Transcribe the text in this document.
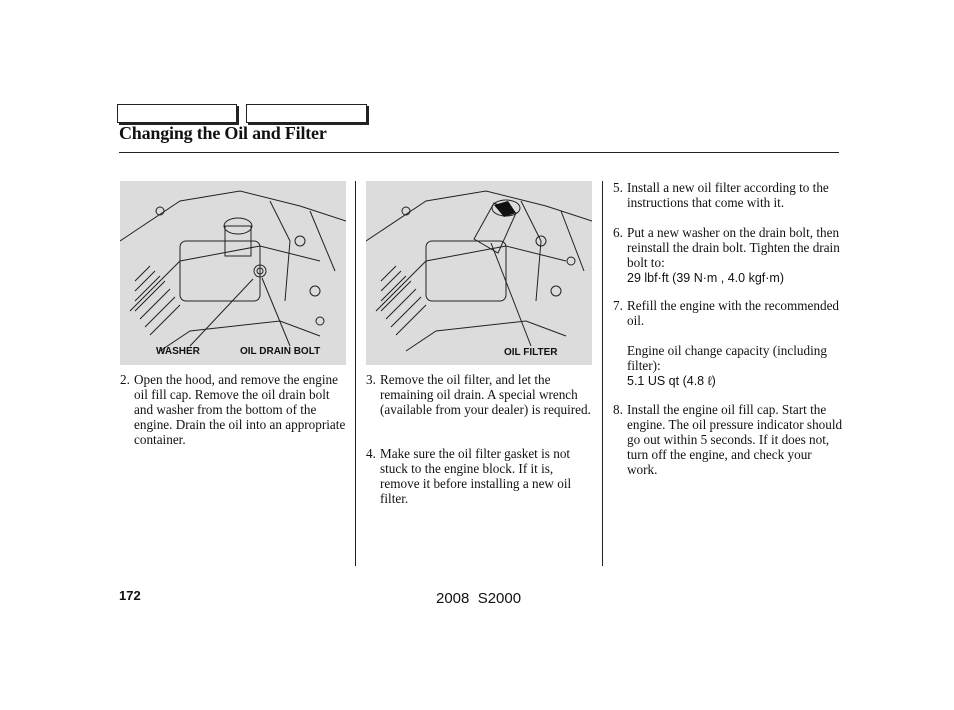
Changing the Oil and Filter
WASHER	OIL DRAIN BOLT	OIL FILTER
2. Open the hood, and remove the engine oil fill cap. Remove the oil drain bolt and washer from the bottom of the engine. Drain the oil into an appropriate container.
3. Remove the oil filter, and let the remaining oil drain. A special wrench (available from your dealer) is required.
4. Make sure the oil filter gasket is not stuck to the engine block. If it is, remove it before installing a new oil filter.
5. Install a new oil filter according to the instructions that come with it.
6. Put a new washer on the drain bolt, then reinstall the drain bolt. Tighten the drain bolt to:
29 lbf·ft (39 N·m , 4.0 kgf·m)
7. Refill the engine with the recommended oil.
Engine oil change capacity (including filter):
5.1 US qt (4.8 ℓ)
8. Install the engine oil fill cap. Start the engine. The oil pressure indicator should go out within 5 seconds. If it does not, turn off the engine, and check your work.
172	2008  S2000
